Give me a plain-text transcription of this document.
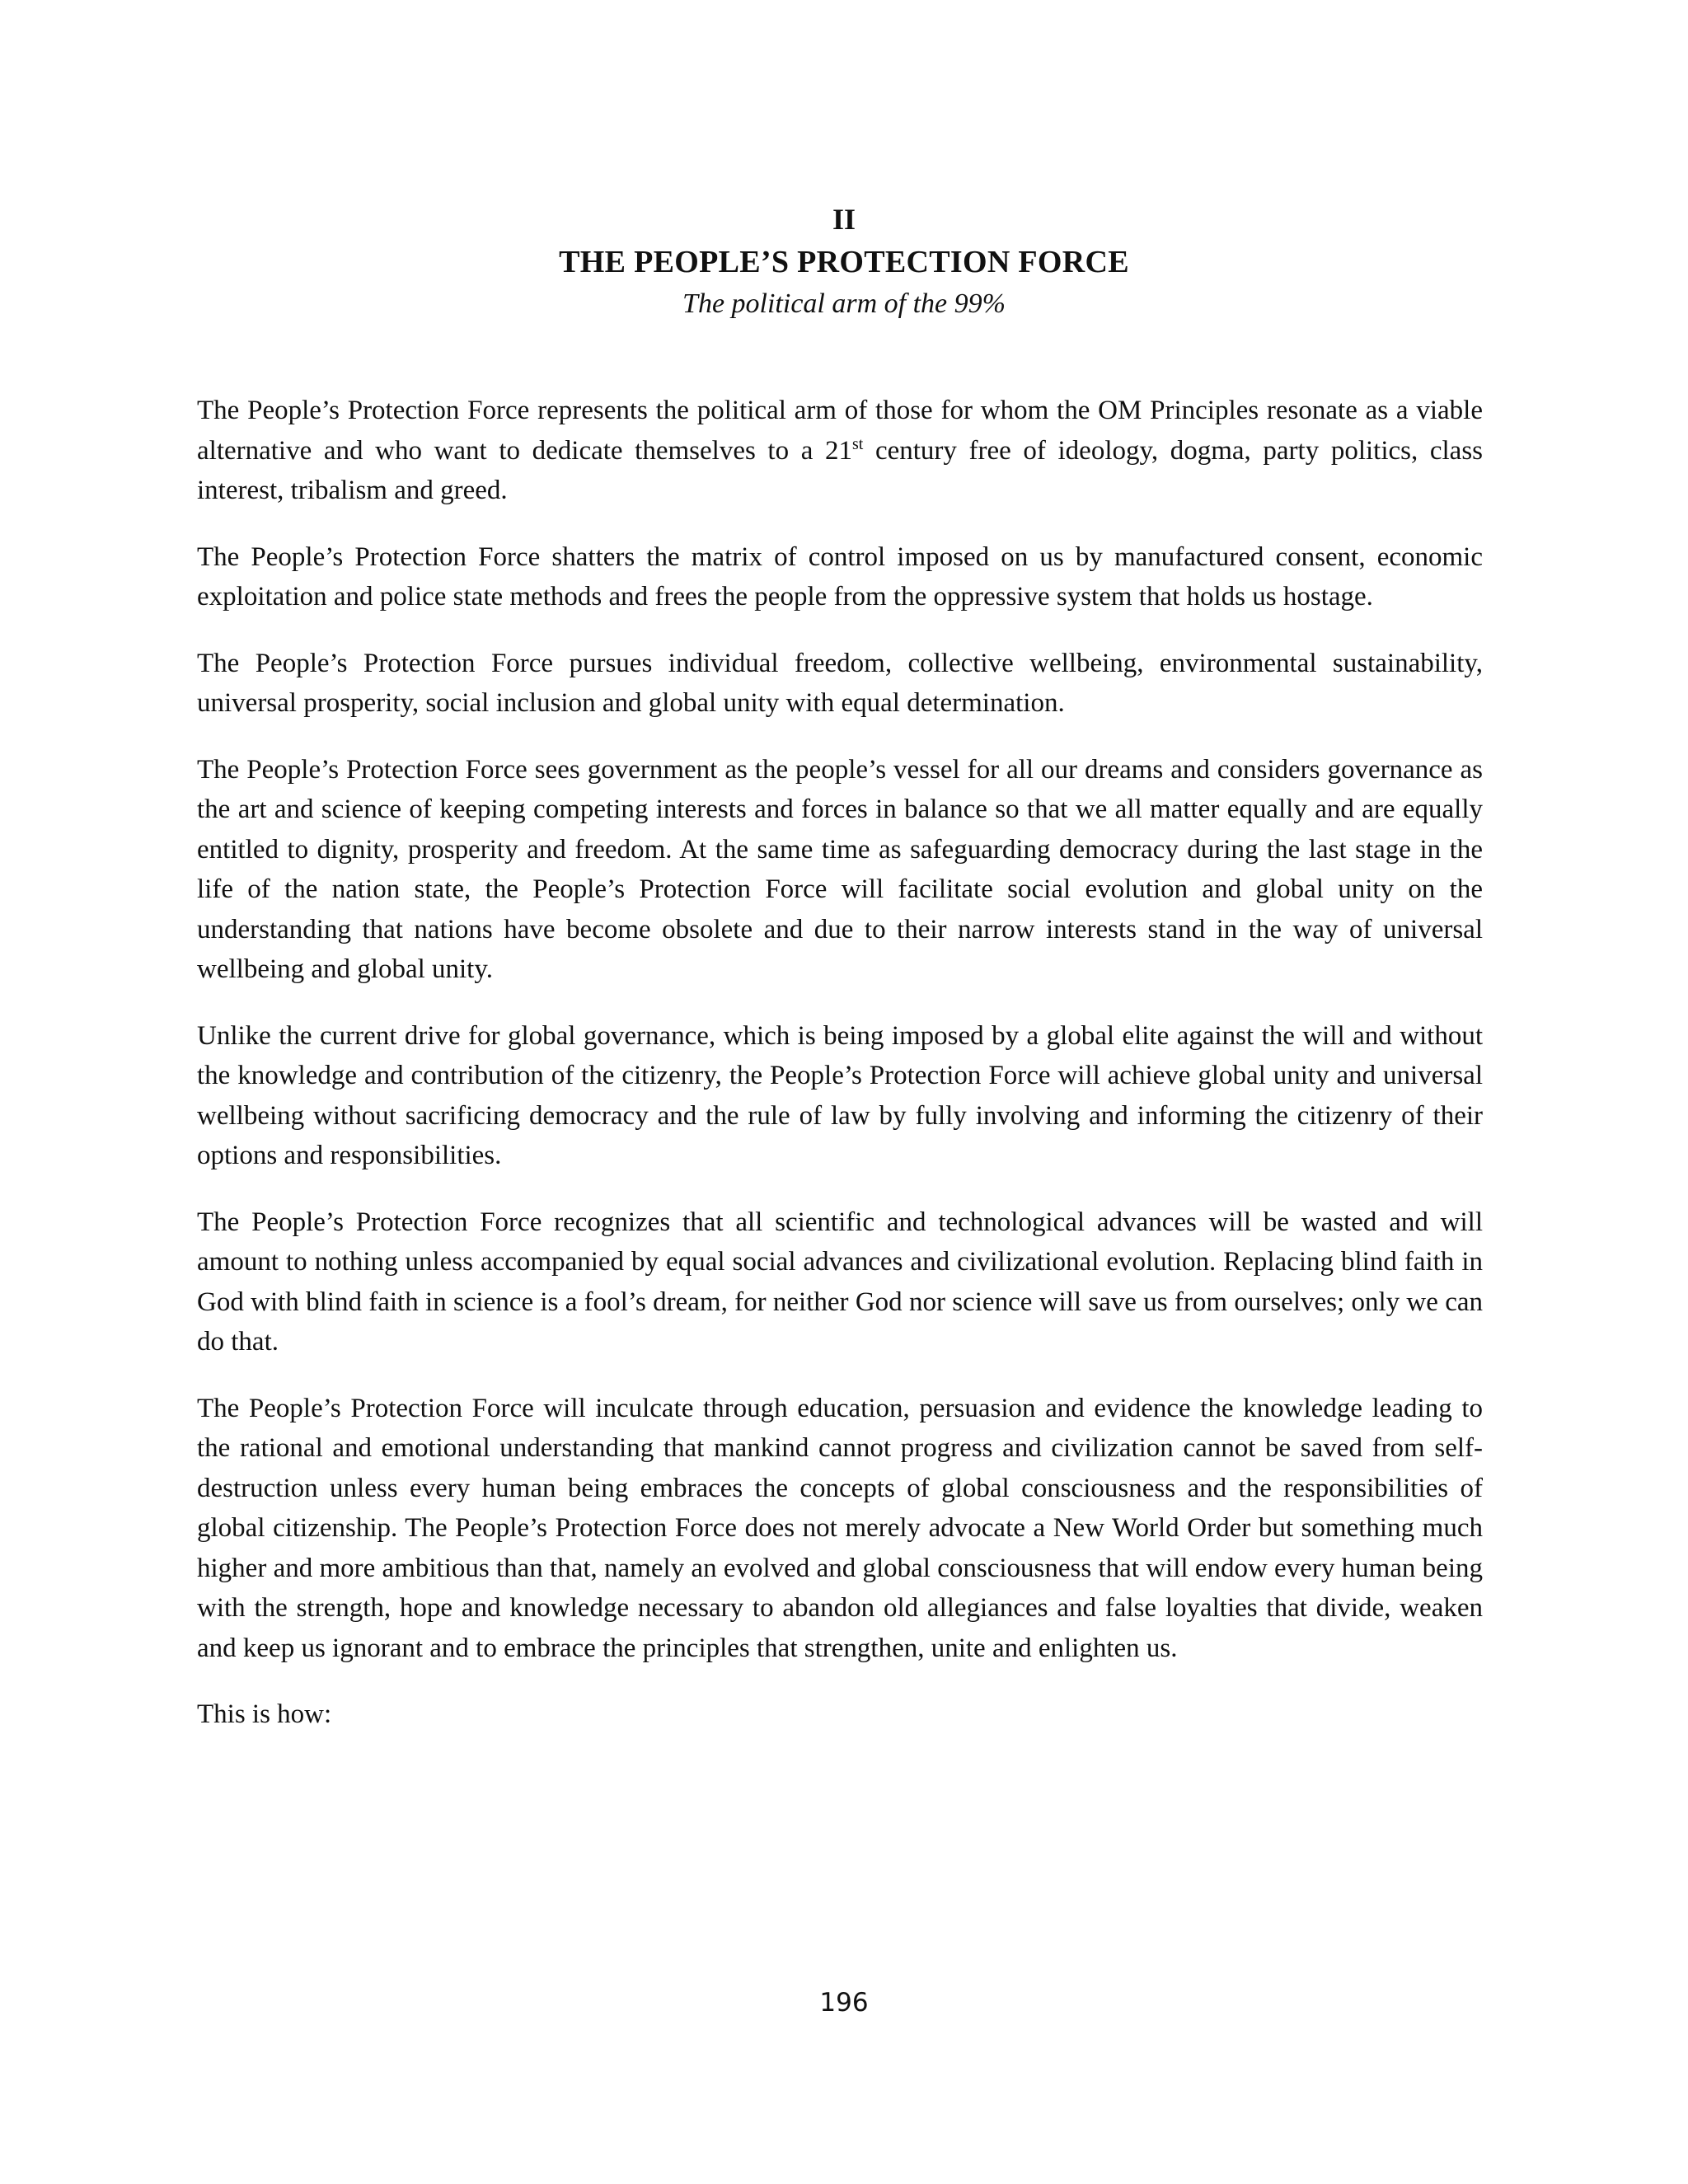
II
THE PEOPLE’S PROTECTION FORCE
The political arm of the 99%

The People’s Protection Force represents the political arm of those for whom the OM Principles resonate as a viable alternative and who want to dedicate themselves to a 21st century free of ideology, dogma, party politics, class interest, tribalism and greed.

The People’s Protection Force shatters the matrix of control imposed on us by manufactured consent, economic exploitation and police state methods and frees the people from the oppressive system that holds us hostage.

The People’s Protection Force pursues individual freedom, collective wellbeing, environmental sustainability, universal prosperity, social inclusion and global unity with equal determination.

The People’s Protection Force sees government as the people’s vessel for all our dreams and considers governance as the art and science of keeping competing interests and forces in balance so that we all matter equally and are equally entitled to dignity, prosperity and freedom. At the same time as safeguarding democracy during the last stage in the life of the nation state, the People’s Protection Force will facilitate social evolution and global unity on the understanding that nations have become obsolete and due to their narrow interests stand in the way of universal wellbeing and global unity.

Unlike the current drive for global governance, which is being imposed by a global elite against the will and without the knowledge and contribution of the citizenry, the People’s Protection Force will achieve global unity and universal wellbeing without sacrificing democracy and the rule of law by fully involving and informing the citizenry of their options and responsibilities.

The People’s Protection Force recognizes that all scientific and technological advances will be wasted and will amount to nothing unless accompanied by equal social advances and civilizational evolution. Replacing blind faith in God with blind faith in science is a fool’s dream, for neither God nor science will save us from ourselves; only we can do that.

The People’s Protection Force will inculcate through education, persuasion and evidence the knowledge leading to the rational and emotional understanding that mankind cannot progress and civilization cannot be saved from self-destruction unless every human being embraces the concepts of global consciousness and the responsibilities of global citizenship. The People’s Protection Force does not merely advocate a New World Order but something much higher and more ambitious than that, namely an evolved and global consciousness that will endow every human being with the strength, hope and knowledge necessary to abandon old allegiances and false loyalties that divide, weaken and keep us ignorant and to embrace the principles that strengthen, unite and enlighten us.

This is how:

196
